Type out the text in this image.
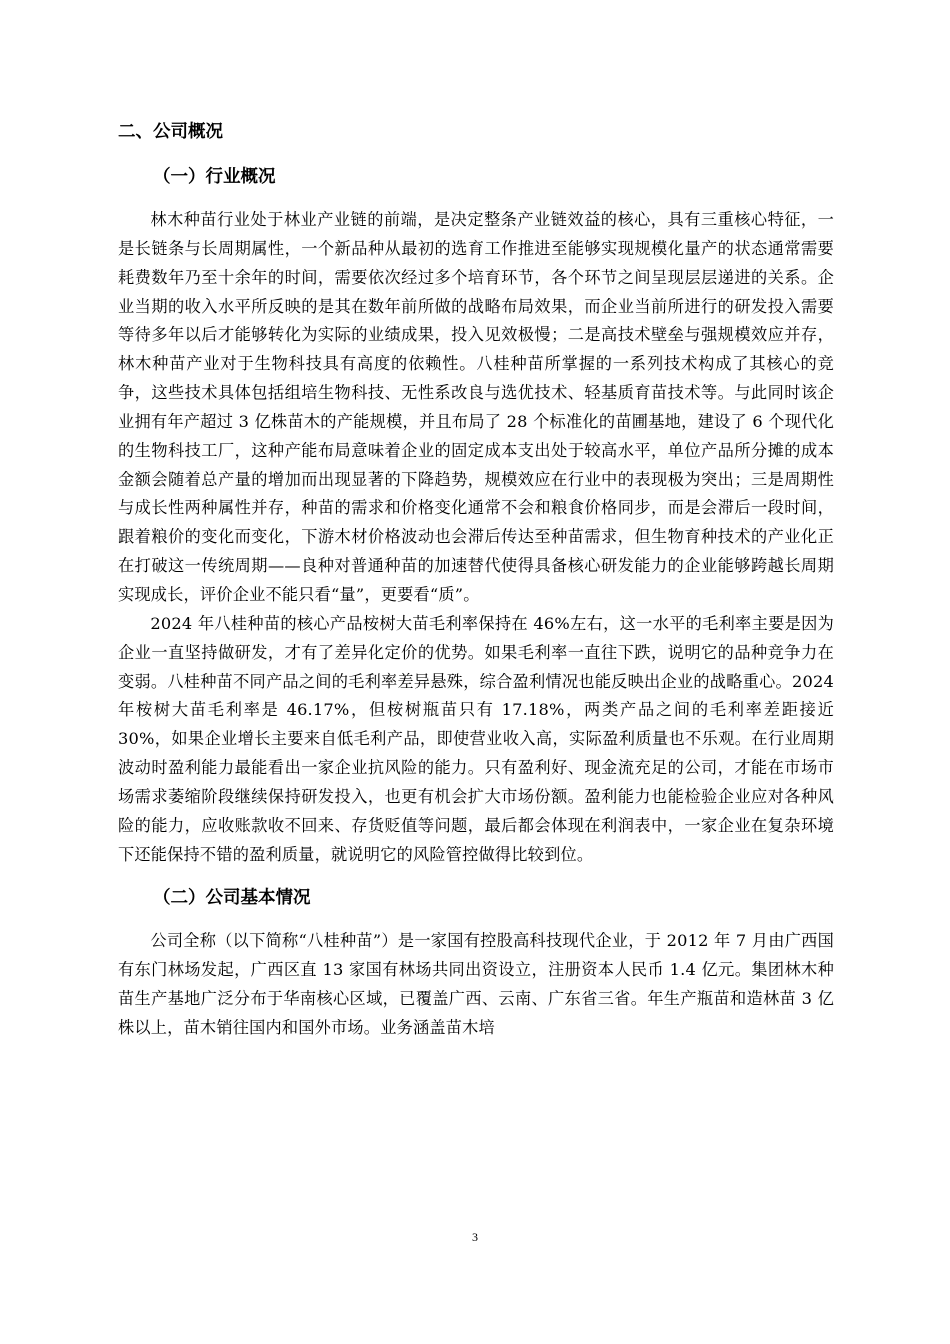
二、公司概况
（一）行业概况

林木种苗行业处于林业产业链的前端，是决定整条产业链效益的核心，具有三重核心特征，一是长链条与长周期属性，一个新品种从最初的选育工作推进至能够实现规模化量产的状态通常需要耗费数年乃至十余年的时间，需要依次经过多个培育环节，各个环节之间呈现层层递进的关系。企业当期的收入水平所反映的是其在数年前所做的战略布局效果，而企业当前所进行的研发投入需要等待多年以后才能够转化为实际的业绩成果，投入见效极慢；二是高技术壁垒与强规模效应并存，林木种苗产业对于生物科技具有高度的依赖性。八桂种苗所掌握的一系列技术构成了其核心的竞争，这些技术具体包括组培生物科技、无性系改良与选优技术、轻基质育苗技术等。与此同时该企业拥有年产超过 3 亿株苗木的产能规模，并且布局了 28 个标准化的苗圃基地，建设了 6 个现代化的生物科技工厂，这种产能布局意味着企业的固定成本支出处于较高水平，单位产品所分摊的成本金额会随着总产量的增加而出现显著的下降趋势，规模效应在行业中的表现极为突出；三是周期性与成长性两种属性并存，种苗的需求和价格变化通常不会和粮食价格同步，而是会滞后一段时间，跟着粮价的变化而变化，下游木材价格波动也会滞后传达至种苗需求，但生物育种技术的产业化正在打破这一传统周期——良种对普通种苗的加速替代使得具备核心研发能力的企业能够跨越长周期实现成长，评价企业不能只看“量”，更要看“质”。

2024 年八桂种苗的核心产品桉树大苗毛利率保持在 46%左右，这一水平的毛利率主要是因为企业一直坚持做研发，才有了差异化定价的优势。如果毛利率一直往下跌，说明它的品种竞争力在变弱。八桂种苗不同产品之间的毛利率差异悬殊，综合盈利情况也能反映出企业的战略重心。2024 年桉树大苗毛利率是 46.17%，但桉树瓶苗只有 17.18%，两类产品之间的毛利率差距接近 30%，如果企业增长主要来自低毛利产品，即使营业收入高，实际盈利质量也不乐观。在行业周期波动时盈利能力最能看出一家企业抗风险的能力。只有盈利好、现金流充足的公司，才能在市场市场需求萎缩阶段继续保持研发投入，也更有机会扩大市场份额。盈利能力也能检验企业应对各种风险的能力，应收账款收不回来、存货贬值等问题，最后都会体现在利润表中，一家企业在复杂环境下还能保持不错的盈利质量，就说明它的风险管控做得比较到位。

（二）公司基本情况

公司全称（以下简称“八桂种苗”）是一家国有控股高科技现代企业，于 2012 年 7 月由广西国有东门林场发起，广西区直 13 家国有林场共同出资设立，注册资本人民币 1.4 亿元。集团林木种苗生产基地广泛分布于华南核心区域，已覆盖广西、云南、广东省三省。年生产瓶苗和造林苗 3 亿株以上，苗木销往国内和国外市场。业务涵盖苗木培

3
